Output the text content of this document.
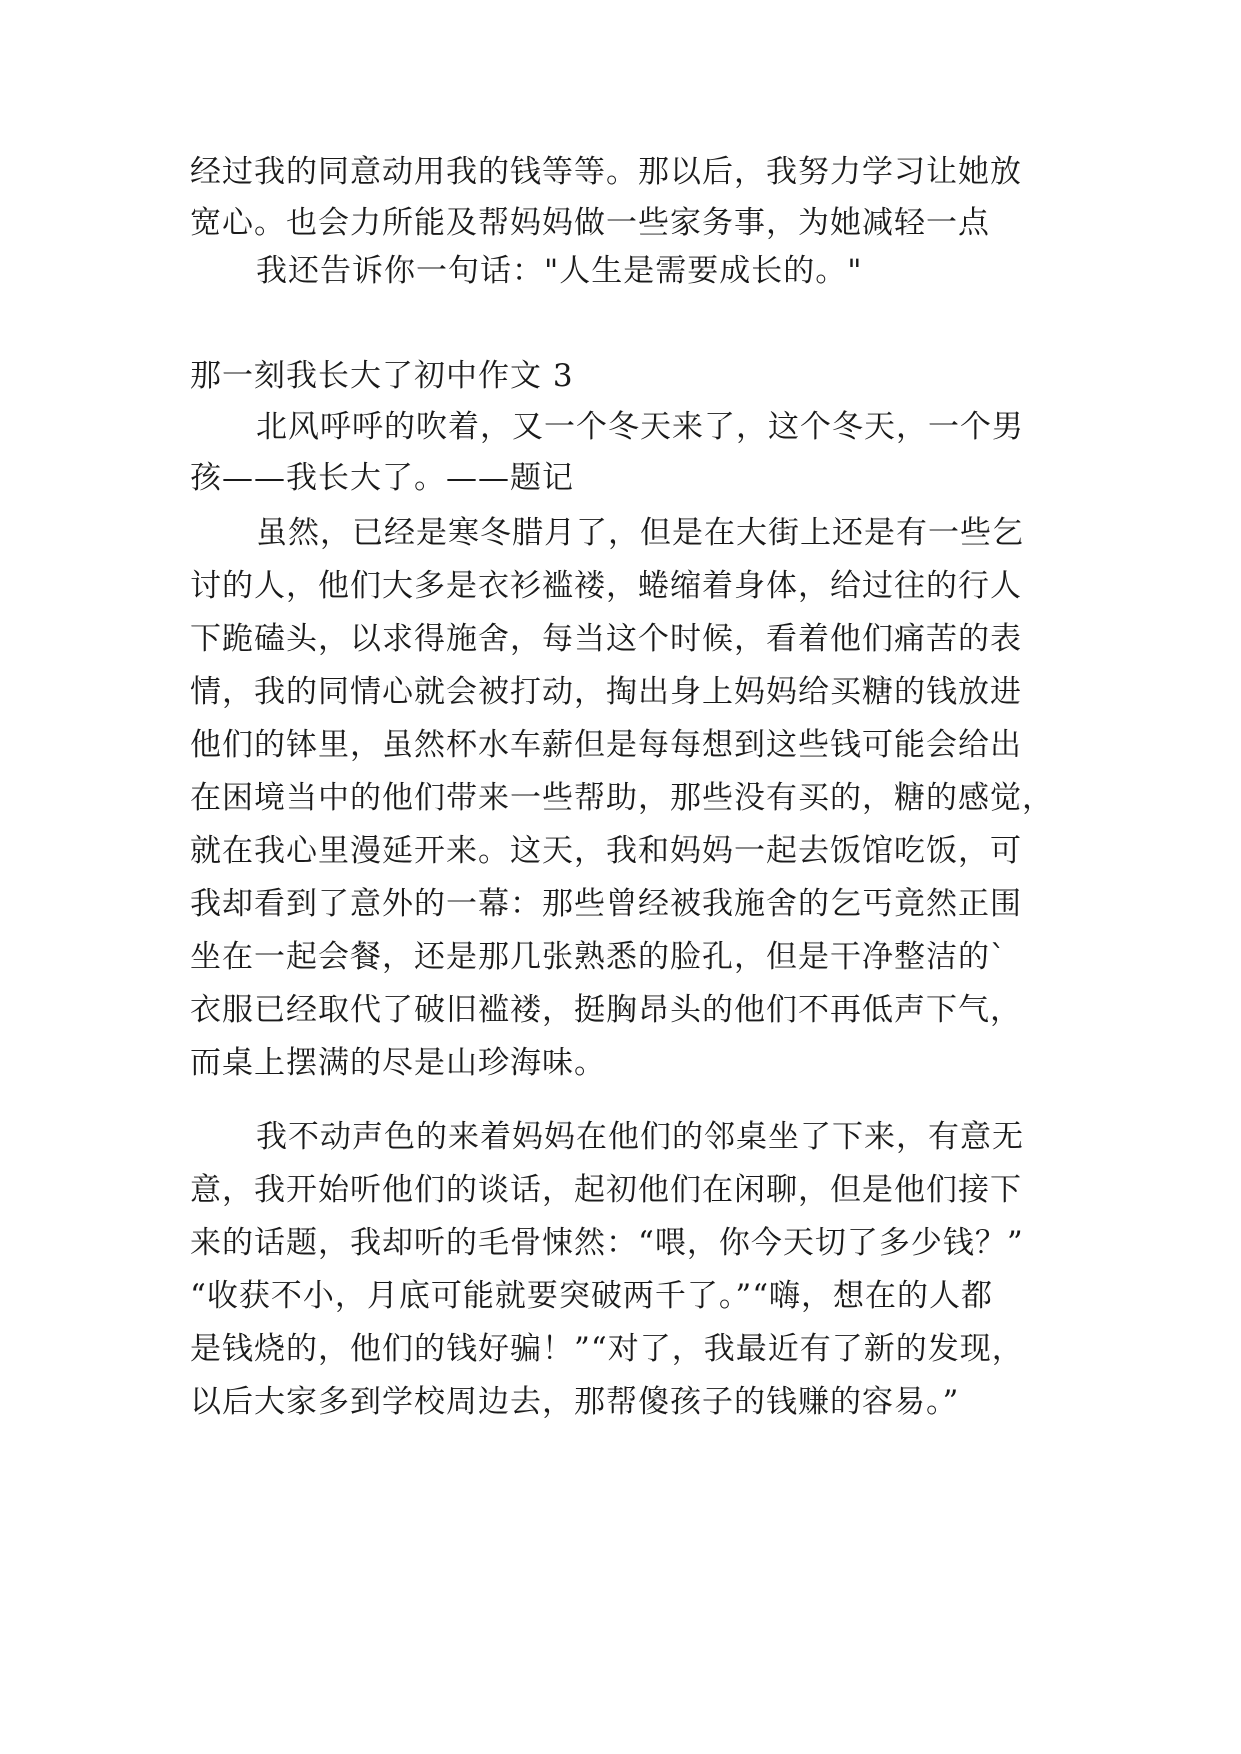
经过我的同意动用我的钱等等。那以后，我努力学习让她放
宽心。也会力所能及帮妈妈做一些家务事，为她减轻一点
我还告诉你一句话："人生是需要成长的。"
那一刻我长大了初中作文 3
北风呼呼的吹着，又一个冬天来了，这个冬天，一个男
孩——我长大了。——题记
虽然，已经是寒冬腊月了，但是在大街上还是有一些乞
讨的人，他们大多是衣衫褴褛，蜷缩着身体，给过往的行人
下跪磕头，以求得施舍，每当这个时候，看着他们痛苦的表
情，我的同情心就会被打动，掏出身上妈妈给买糖的钱放进
他们的钵里，虽然杯水车薪但是每每想到这些钱可能会给出
在困境当中的他们带来一些帮助，那些没有买的，糖的感觉，
就在我心里漫延开来。这天，我和妈妈一起去饭馆吃饭，可
我却看到了意外的一幕：那些曾经被我施舍的乞丐竟然正围
坐在一起会餐，还是那几张熟悉的脸孔，但是干净整洁的`
衣服已经取代了破旧褴褛，挺胸昂头的他们不再低声下气，
而桌上摆满的尽是山珍海味。
我不动声色的来着妈妈在他们的邻桌坐了下来，有意无
意，我开始听他们的谈话，起初他们在闲聊，但是他们接下
来的话题，我却听的毛骨悚然：“喂，你今天切了多少钱？”
“收获不小，月底可能就要突破两千了。”“嗨，想在的人都
是钱烧的，他们的钱好骗！”“对了，我最近有了新的发现，
以后大家多到学校周边去，那帮傻孩子的钱赚的容易。”
